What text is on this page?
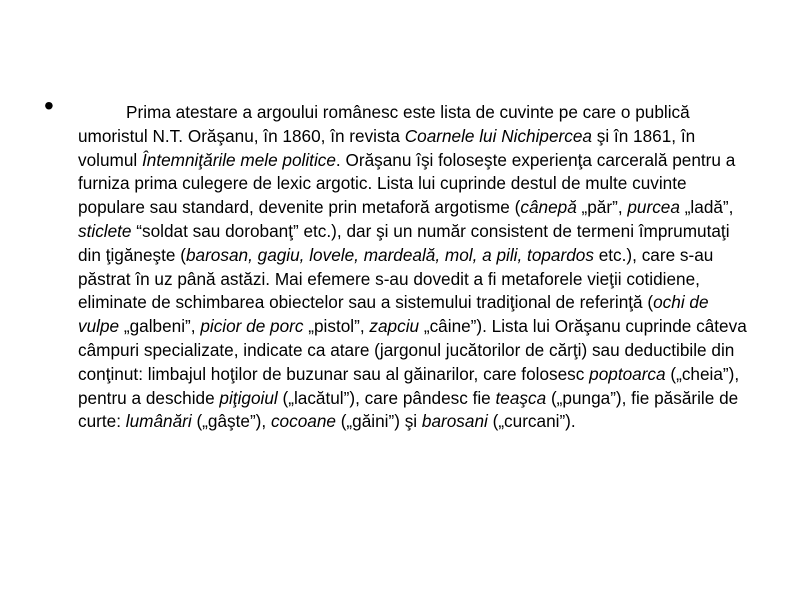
•	Prima atestare a argoului românesc este lista de cuvinte pe care o publică umoristul N.T. Orăşanu, în 1860, în revista Coarnele lui Nichipercea şi în 1861, în volumul Întemniţările mele politice. Orăşanu îşi foloseşte experienţa carcerală pentru a furniza prima culegere de lexic argotic. Lista lui cuprinde destul de multe cuvinte populare sau standard, devenite prin metaforă argotisme (cânepă „păr”, purcea „ladă”, sticlete “soldat sau dorobanţ” etc.), dar şi un număr consistent de termeni împrumutaţi din ţigăneşte (barosan, gagiu, lovele, mardeală, mol, a pili, topardos etc.), care s-au păstrat în uz până astăzi. Mai efemere s-au dovedit a fi metaforele vieţii cotidiene, eliminate de schimbarea obiectelor sau a sistemului tradiţional de referinţă (ochi de vulpe „galbeni”, picior de porc „pistol”, zapciu „câine”). Lista lui Orăşanu cuprinde câteva câmpuri specializate, indicate ca atare (jargonul jucătorilor de cărţi) sau deductibile din conţinut: limbajul hoţilor de buzunar sau al găinarilor, care folosesc poptoarca („cheia”), pentru a deschide piţigoiul („lacătul”), care pândesc fie teaşca („punga”), fie păsările de curte: lumânări („gâşte”), cocoane („găini”) şi barosani („curcani”).
